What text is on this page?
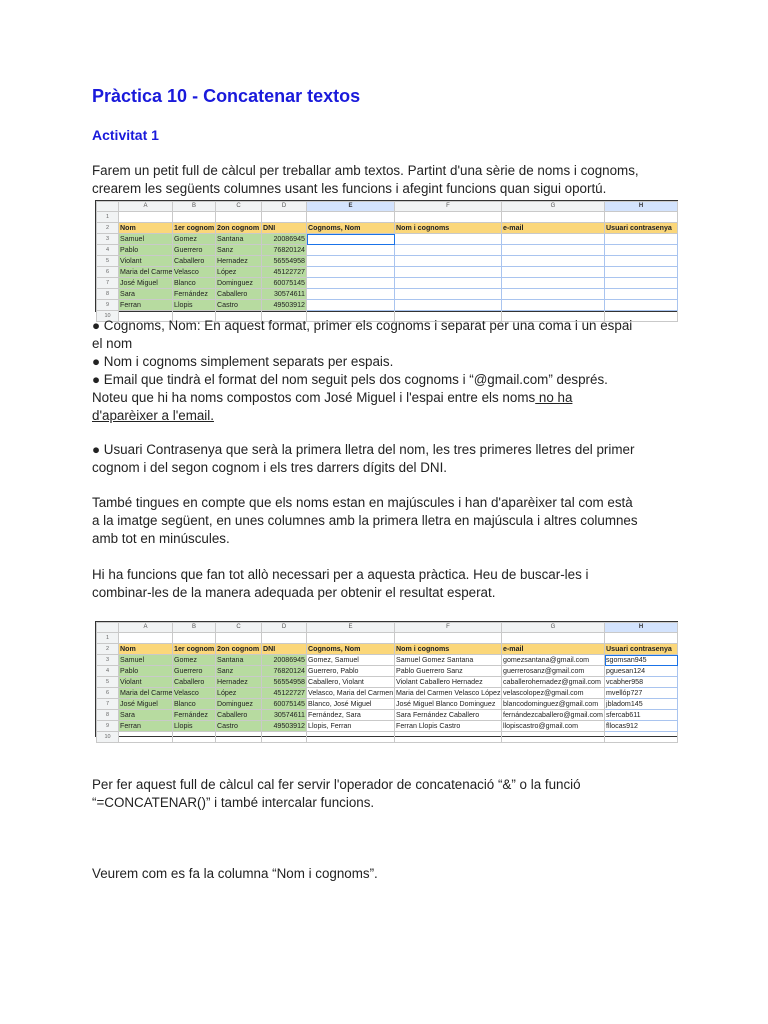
Pràctica 10 - Concatenar textos
Activitat 1

Farem un petit full de càlcul per treballar amb textos. Partint d'una sèrie de noms i cognoms,
crearem les següents columnes usant les funcions i afegint funcions quan sigui oportú.

	A	B	C	D	E	F	G	H
1								
2	Nom	1er cognom	2on cognom	DNI	Cognoms, Nom	Nom i cognoms	e-mail	Usuari contrasenya
3	Samuel	Gomez	Santana	20086945				
4	Pablo	Guerrero	Sanz	76820124				
5	Violant	Caballero	Hernadez	56554958				
6	Maria del Carme	Velasco	López	45122727				
7	José Miguel	Blanco	Dominguez	60075145				
8	Sara	Fernández	Caballero	30574611				
9	Ferran	Llopis	Castro	49503912				
10								

● Cognoms, Nom: En aquest format, primer els cognoms i separat per una coma i un espai
el nom
● Nom i cognoms simplement separats per espais.
● Email que tindrà el format del nom seguit pels dos cognoms i “@gmail.com” després.
Noteu que hi ha noms compostos com José Miguel i l'espai entre els noms no ha
d'aparèixer a l'email.

● Usuari Contrasenya que serà la primera lletra del nom, les tres primeres lletres del primer
cognom i del segon cognom i els tres darrers dígits del DNI.

També tingues en compte que els noms estan en majúscules i han d'aparèixer tal com està
a la imatge següent, en unes columnes amb la primera lletra en majúscula i altres columnes
amb tot en minúscules.

Hi ha funcions que fan tot allò necessari per a aquesta pràctica. Heu de buscar-les i
combinar-les de la manera adequada per obtenir el resultat esperat.

	A	B	C	D	E	F	G	H
1								
2	Nom	1er cognom	2on cognom	DNI	Cognoms, Nom	Nom i cognoms	e-mail	Usuari contrasenya
3	Samuel	Gomez	Santana	20086945	Gomez, Samuel	Samuel Gomez Santana	gomezsantana@gmail.com	sgomsan945
4	Pablo	Guerrero	Sanz	76820124	Guerrero, Pablo	Pablo Guerrero Sanz	guerrerosanz@gmail.com	pguesan124
5	Violant	Caballero	Hernadez	56554958	Caballero, Violant	Violant Caballero Hernadez	caballerohernadez@gmail.com	vcabher958
6	Maria del Carme	Velasco	López	45122727	Velasco, Maria del Carmen	Maria del Carmen Velasco López	velascolopez@gmail.com	mvellóp727
7	José Miguel	Blanco	Dominguez	60075145	Blanco, José Miguel	José Miguel Blanco Dominguez	blancodominguez@gmail.com	jbladom145
8	Sara	Fernández	Caballero	30574611	Fernández, Sara	Sara Fernández Caballero	fernándezcaballero@gmail.com	sfercab611
9	Ferran	Llopis	Castro	49503912	Llopis, Ferran	Ferran Llopis Castro	llopiscastro@gmail.com	fllocas912
10								

Per fer aquest full de càlcul cal fer servir l'operador de concatenació “&” o la funció
“=CONCATENAR()” i també intercalar funcions.

Veurem com es fa la columna “Nom i cognoms”.
